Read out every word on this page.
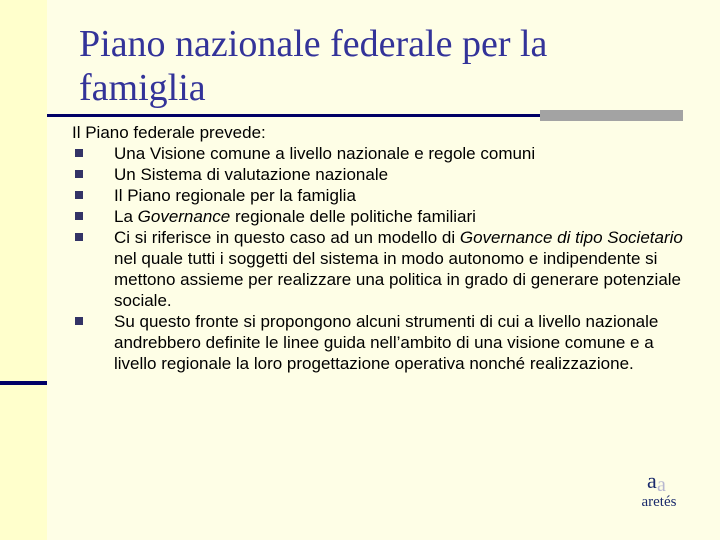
Piano nazionale federale per la famiglia

Il Piano federale prevede:

Una Visione comune a livello nazionale e regole comuni
Un Sistema di valutazione nazionale
Il Piano regionale per la famiglia
La Governance regionale delle politiche familiari
Ci si riferisce in questo caso ad un modello di Governance di tipo Societario nel quale tutti i soggetti del sistema in modo autonomo e indipendente si mettono assieme per realizzare una politica in grado di generare potenziale sociale.
Su questo fronte si propongono alcuni strumenti di cui a livello nazionale andrebbero definite le linee guida nell’ambito di una visione comune e a livello regionale la loro progettazione operativa nonché realizzazione.
a
a
aretés
